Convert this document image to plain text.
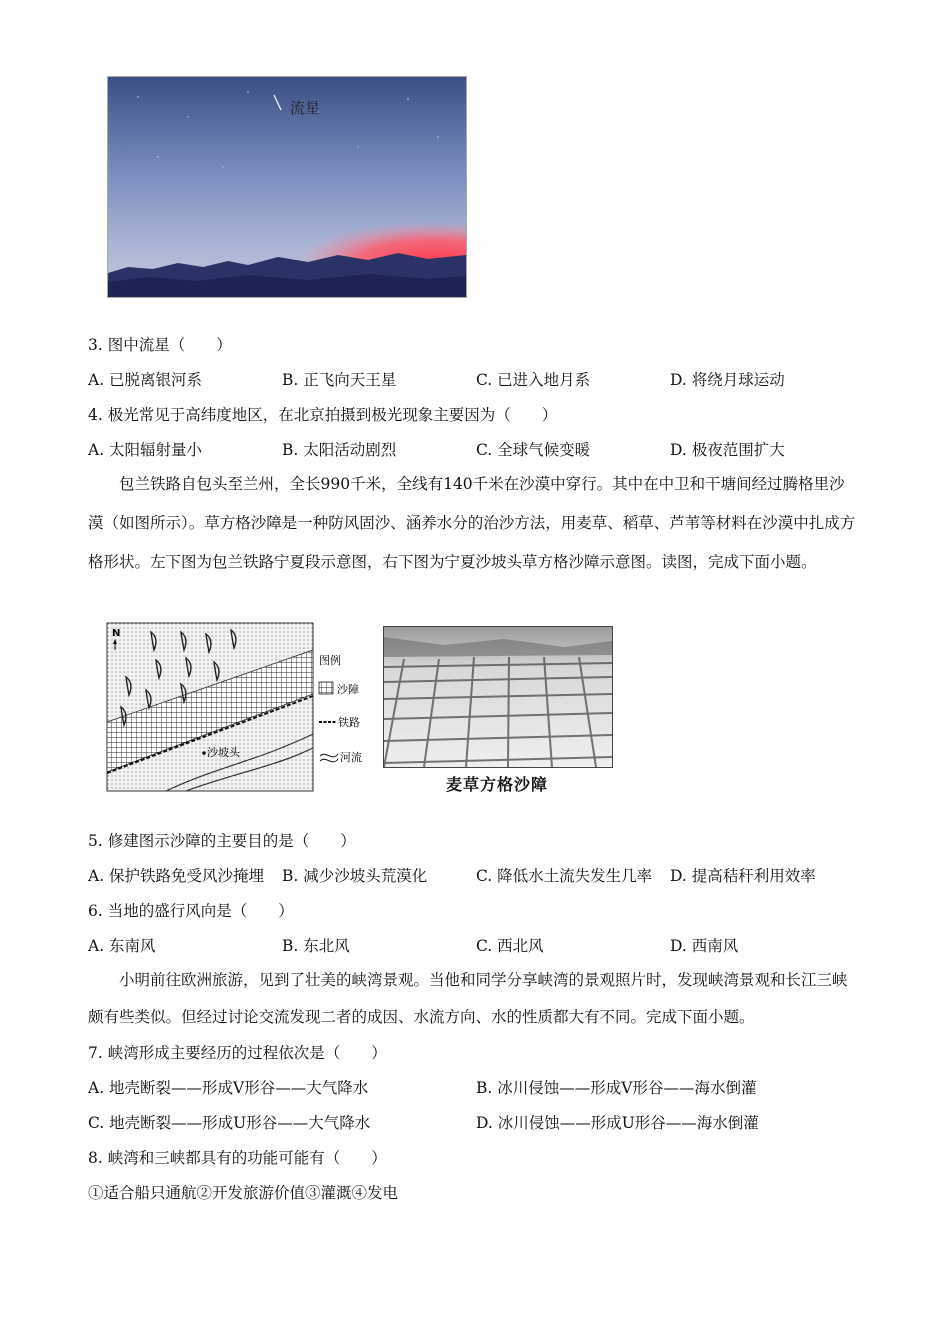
流星
3. 图中流星（　　）
A. 已脱离银河系	B. 正飞向天王星	C. 已进入地月系	D. 将绕月球运动
4. 极光常见于高纬度地区，在北京拍摄到极光现象主要因为（　　）
A. 太阳辐射量小	B. 太阳活动剧烈	C. 全球气候变暖	D. 极夜范围扩大
包兰铁路自包头至兰州，全长990千米，全线有140千米在沙漠中穿行。其中在中卫和干塘间经过腾格里沙漠（如图所示）。草方格沙障是一种防风固沙、涵养水分的治沙方法，用麦草、稻草、芦苇等材料在沙漠中扎成方格形状。左下图为包兰铁路宁夏段示意图，右下图为宁夏沙坡头草方格沙障示意图。读图，完成下面小题。
N
沙坡头
图例
沙障
铁路
河流
麦草方格沙障
5. 修建图示沙障的主要目的是（　　）
A. 保护铁路免受风沙掩埋 B. 减少沙坡头荒漠化	C. 降低水土流失发生几率 D. 提高秸秆利用效率
6. 当地的盛行风向是（　　）
A. 东南风	B. 东北风	C. 西北风	D. 西南风
小明前往欧洲旅游，见到了壮美的峡湾景观。当他和同学分享峡湾的景观照片时，发现峡湾景观和长江三峡颇有些类似。但经过讨论交流发现二者的成因、水流方向、水的性质都大有不同。完成下面小题。
7. 峡湾形成主要经历的过程依次是（　　）
A. 地壳断裂——形成V形谷——大气降水	B. 冰川侵蚀——形成V形谷——海水倒灌
C. 地壳断裂——形成U形谷——大气降水	D. 冰川侵蚀——形成U形谷——海水倒灌
8. 峡湾和三峡都具有的功能可能有（　　）
①适合船只通航②开发旅游价值③灌溉④发电
